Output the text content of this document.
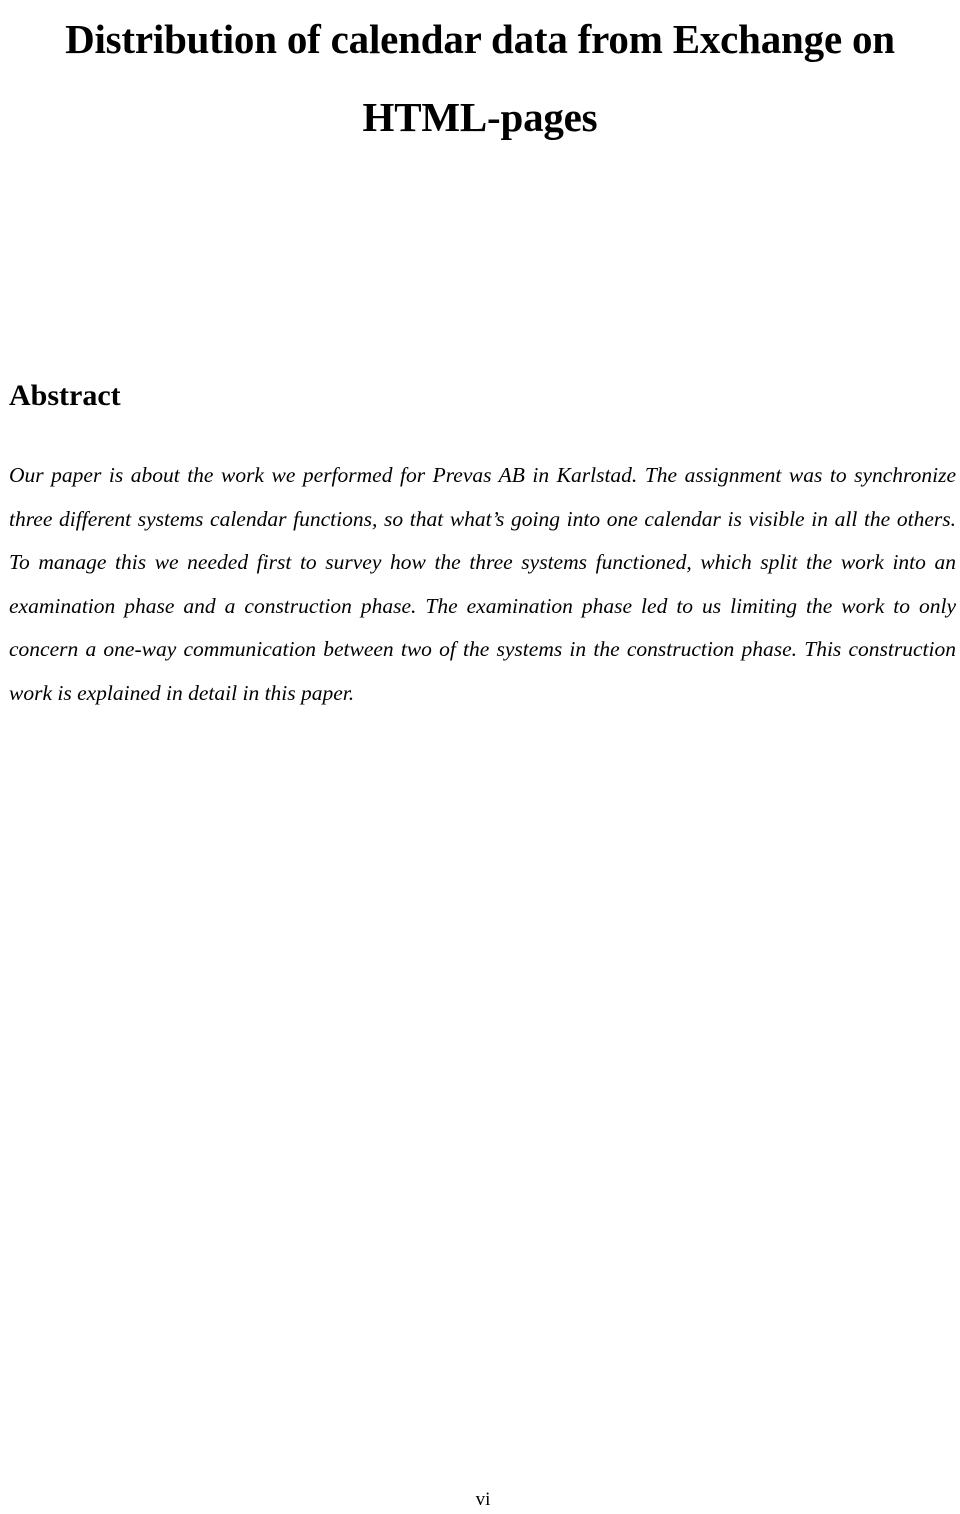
Distribution of calendar data from Exchange on HTML-pages
Abstract

Our paper is about the work we performed for Prevas AB in Karlstad. The assignment was to synchronize three different systems calendar functions, so that what’s going into one calendar is visible in all the others. To manage this we needed first to survey how the three systems functioned, which split the work into an examination phase and a construction phase. The examination phase led to us limiting the work to only concern a one-way communication between two of the systems in the construction phase. This construction work is explained in detail in this paper.

vi
